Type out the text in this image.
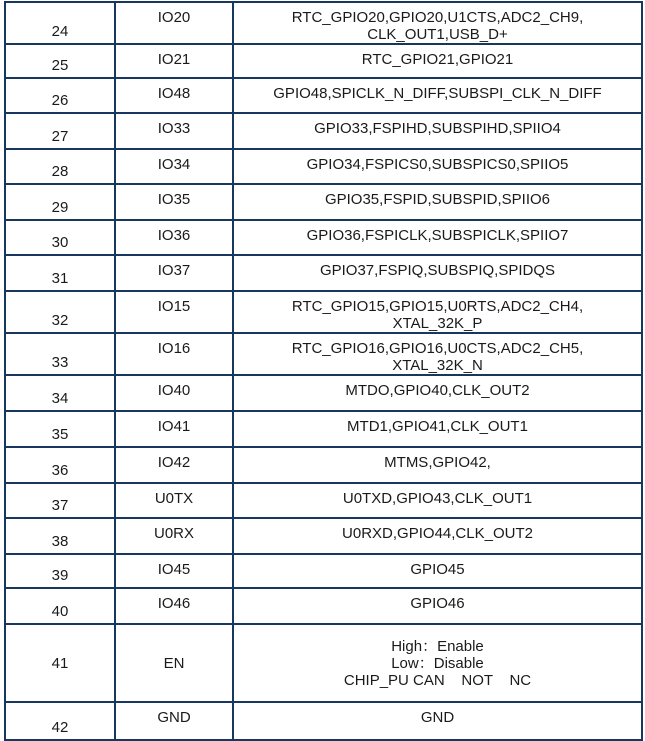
24	IO20	RTC_GPIO20,GPIO20,U1CTS,ADC2_CH9,
CLK_OUT1,USB_D+

25	IO21	RTC_GPIO21,GPIO21

26	IO48	GPIO48,SPICLK_N_DIFF,SUBSPI_CLK_N_DIFF

27	IO33	GPIO33,FSPIHD,SUBSPIHD,SPIIO4

28	IO34	GPIO34,FSPICS0,SUBSPICS0,SPIIO5

29	IO35	GPIO35,FSPID,SUBSPID,SPIIO6

30	IO36	GPIO36,FSPICLK,SUBSPICLK,SPIIO7

31	IO37	GPIO37,FSPIQ,SUBSPIQ,SPIDQS

32	IO15	RTC_GPIO15,GPIO15,U0RTS,ADC2_CH4,
XTAL_32K_P

33	IO16	RTC_GPIO16,GPIO16,U0CTS,ADC2_CH5,
XTAL_32K_N

34	IO40	MTDO,GPIO40,CLK_OUT2

35	IO41	MTD1,GPIO41,CLK_OUT1

36	IO42	MTMS,GPIO42,

37	U0TX	U0TXD,GPIO43,CLK_OUT1

38	U0RX	U0RXD,GPIO44,CLK_OUT2

39	IO45	GPIO45

40	IO46	GPIO46

41	EN	High：Enable
Low：Disable
CHIP_PU CAN    NOT    NC

42	GND	GND
